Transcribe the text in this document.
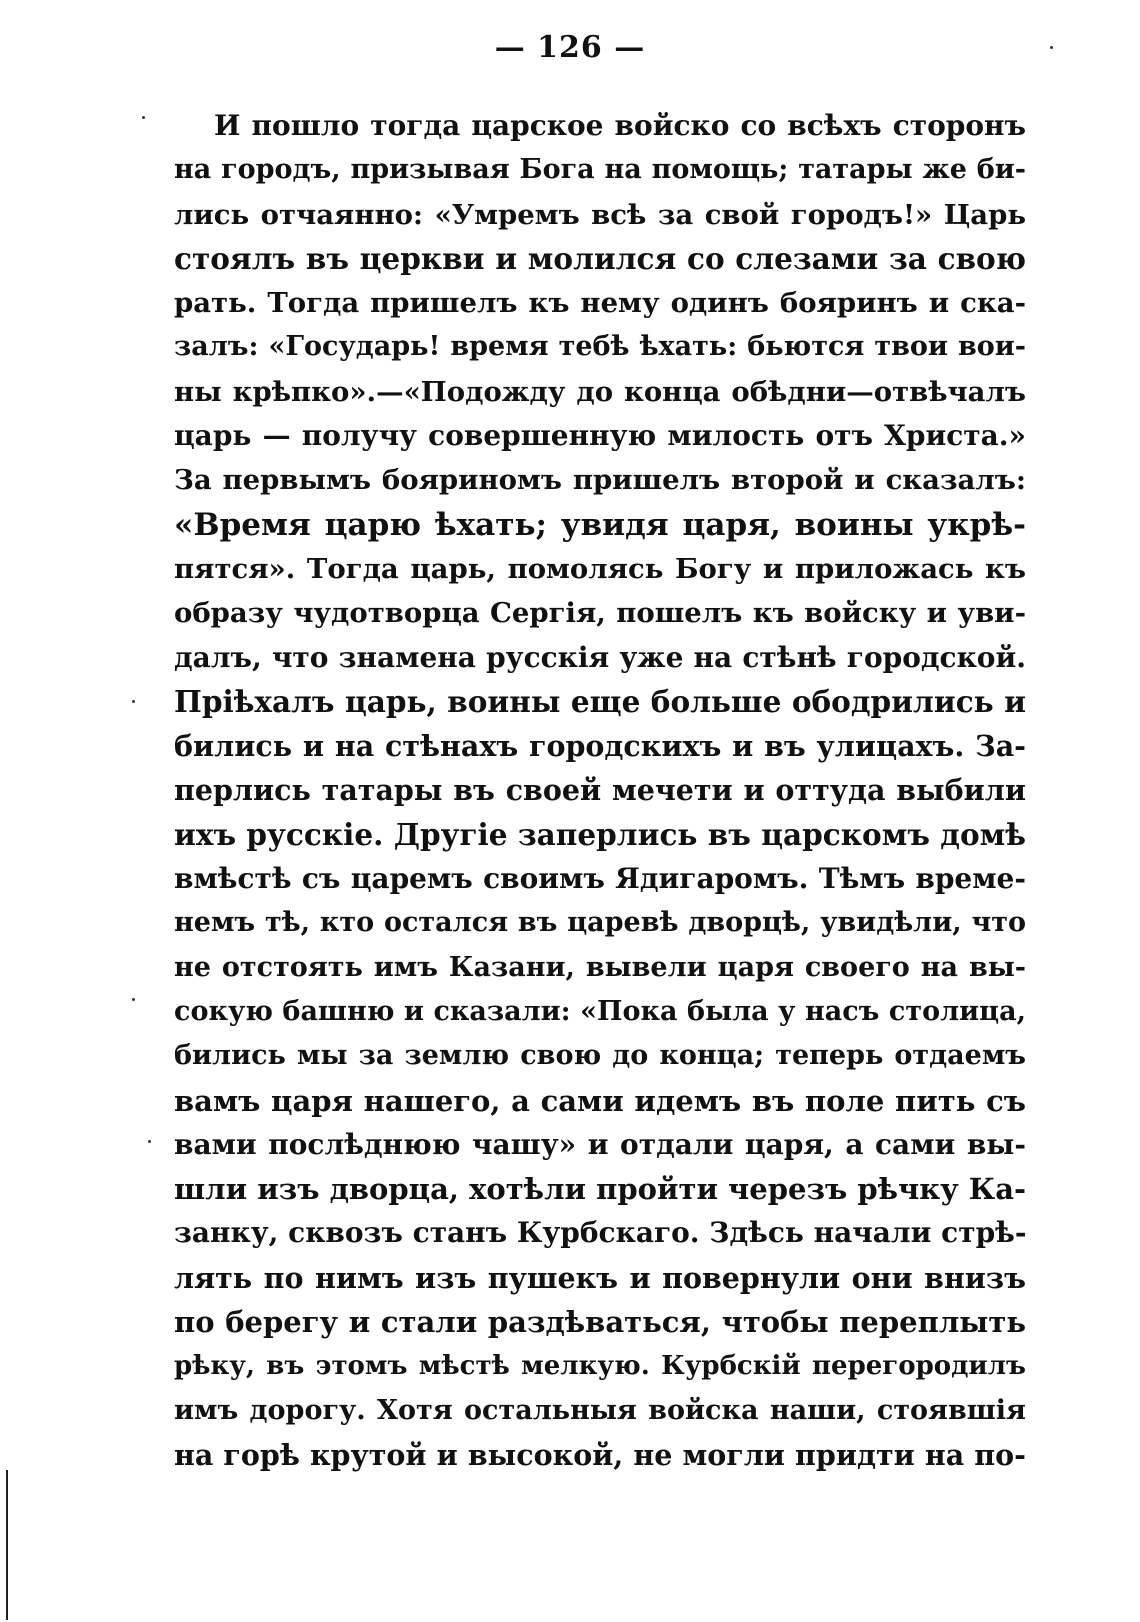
— 126 —
И пошло тогда царское войско со всѣхъ сторонъ
на городъ, призывая Бога на помощь; татары же би-
лись отчаянно: «Умремъ всѣ за свой городъ!» Царь
стоялъ въ церкви и молился со слезами за свою
рать. Тогда пришелъ къ нему одинъ бояринъ и ска-
залъ: «Государь! время тебѣ ѣхать: бьются твои вои-
ны крѣпко».—«Подожду до конца обѣдни—отвѣчалъ
царь — получу совершенную милость отъ Христа.»
За первымъ бояриномъ пришелъ второй и сказалъ:
«Время царю ѣхать; увидя царя, воины укрѣ-
пятся». Тогда царь, помолясь Богу и приложась къ
образу чудотворца Сергія, пошелъ къ войску и уви-
далъ, что знамена русскія уже на стѣнѣ городской.
Пріѣхалъ царь, воины еще больше ободрились и
бились и на стѣнахъ городскихъ и въ улицахъ. За-
перлись татары въ своей мечети и оттуда выбили
ихъ русскіе. Другіе заперлись въ царскомъ домѣ
вмѣстѣ съ царемъ своимъ Ядигаромъ. Тѣмъ време-
немъ тѣ, кто остался въ царевѣ дворцѣ, увидѣли, что
не отстоять имъ Казани, вывели царя своего на вы-
сокую башню и сказали: «Пока была у насъ столица,
бились мы за землю свою до конца; теперь отдаемъ
вамъ царя нашего, а сами идемъ въ поле пить съ
вами послѣднюю чашу» и отдали царя, а сами вы-
шли изъ дворца, хотѣли пройти черезъ рѣчку Ка-
занку, сквозъ станъ Курбскаго. Здѣсь начали стрѣ-
лять по нимъ изъ пушекъ и повернули они внизъ
по берегу и стали раздѣваться, чтобы переплыть
рѣку, въ этомъ мѣстѣ мелкую. Курбскій перегородилъ
имъ дорогу. Хотя остальныя войска наши, стоявшія
на горѣ крутой и высокой, не могли придти на по-
